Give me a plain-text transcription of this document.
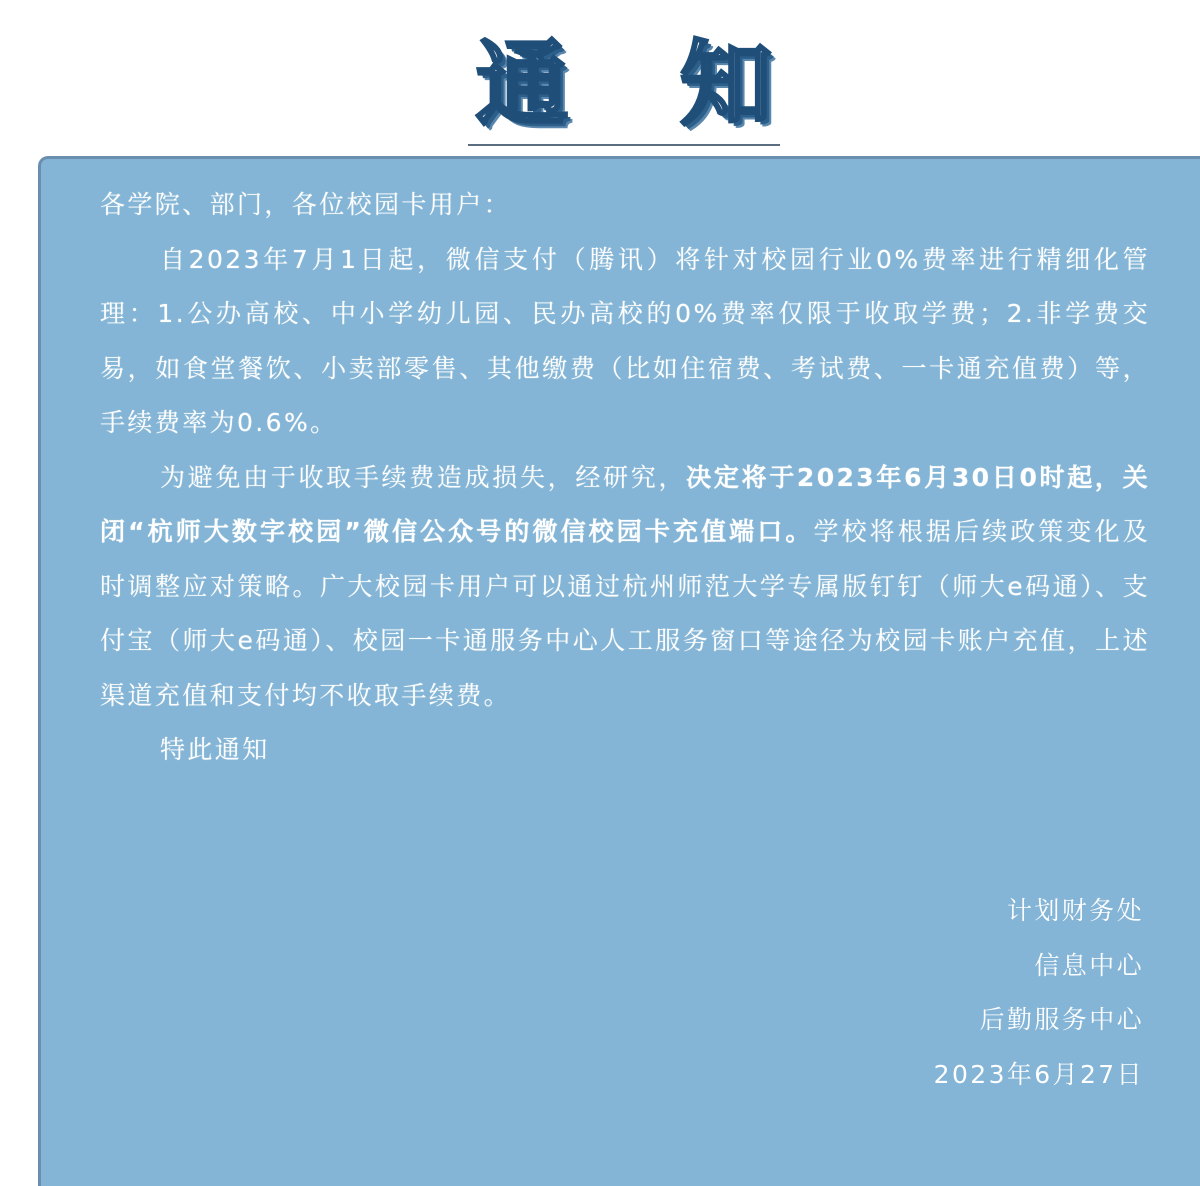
通 知

各学院、部门，各位校园卡用户：

自2023年7月1日起，微信支付（腾讯）将针对校园行业0%费率进行精细化管理：1.公办高校、中小学幼儿园、民办高校的0%费率仅限于收取学费；2.非学费交易，如食堂餐饮、小卖部零售、其他缴费（比如住宿费、考试费、一卡通充值费）等，手续费率为0.6%。

为避免由于收取手续费造成损失，经研究，决定将于2023年6月30日0时起，关闭“杭师大数字校园”微信公众号的微信校园卡充值端口。学校将根据后续政策变化及时调整应对策略。广大校园卡用户可以通过杭州师范大学专属版钉钉（师大e码通）、支付宝（师大e码通）、校园一卡通服务中心人工服务窗口等途径为校园卡账户充值，上述渠道充值和支付均不收取手续费。

特此通知

计划财务处
信息中心
后勤服务中心
2023年6月27日
